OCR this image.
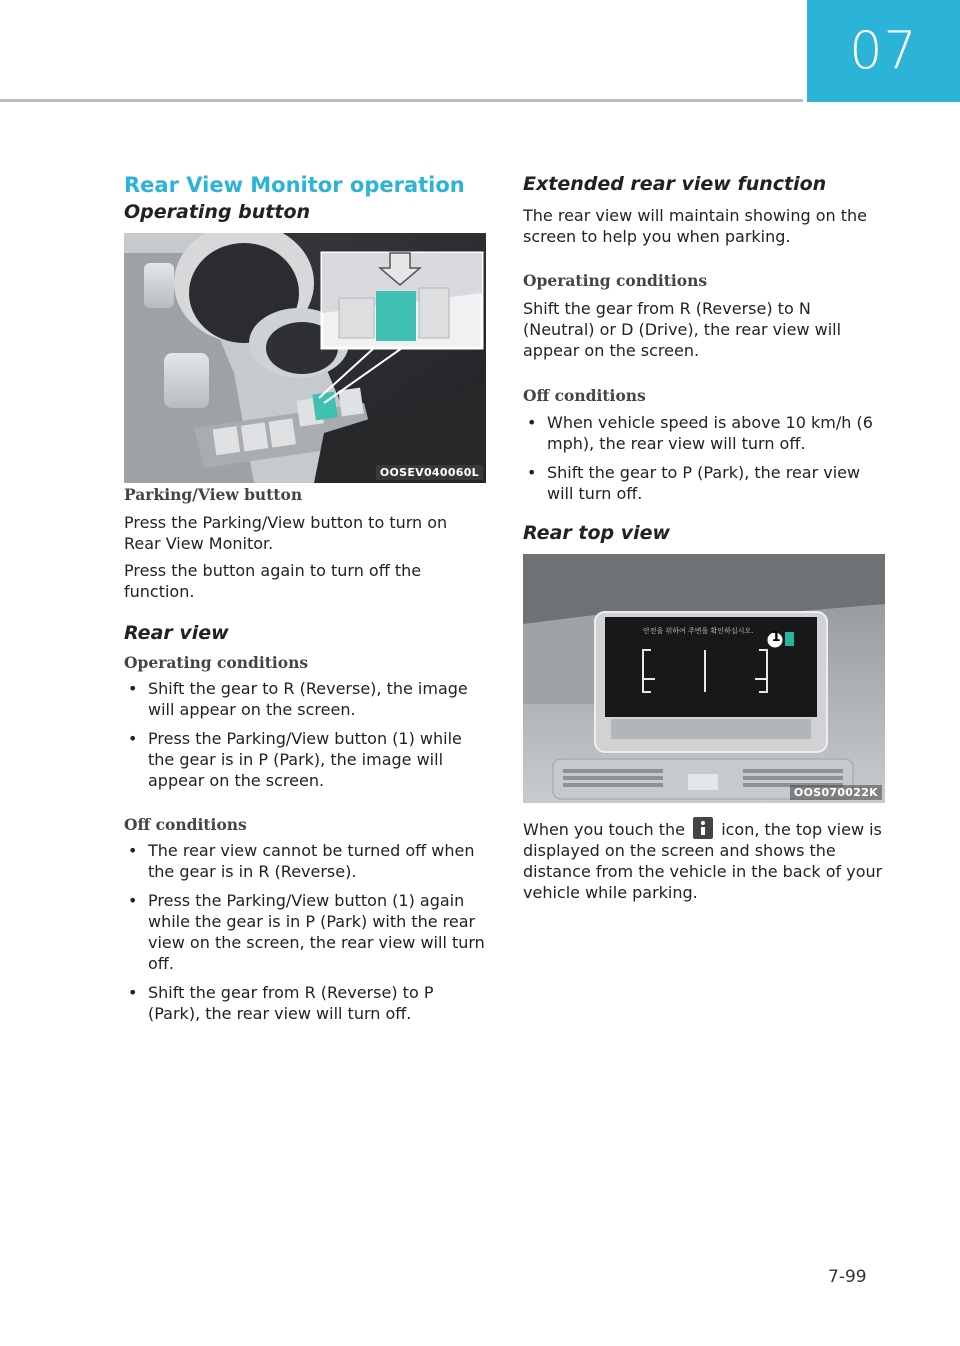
07
Rear View Monitor operation
Operating button
OOSEV040060L
Parking/View button

Press the Parking/View button to turn on Rear View Monitor.

Press the button again to turn off the function.

Rear view
Operating conditions
• Shift the gear to R (Reverse), the image will appear on the screen.
• Press the Parking/View button (1) while the gear is in P (Park), the image will appear on the screen.
Off conditions
• The rear view cannot be turned off when the gear is in R (Reverse).
• Press the Parking/View button (1) again while the gear is in P (Park) with the rear view on the screen, the rear view will turn off.
• Shift the gear from R (Reverse) to P (Park), the rear view will turn off.
Extended rear view function

The rear view will maintain showing on the screen to help you when parking.

Operating conditions

Shift the gear from R (Reverse) to N (Neutral) or D (Drive), the rear view will appear on the screen.

Off conditions
• When vehicle speed is above 10 km/h (6 mph), the rear view will turn off.
• Shift the gear to P (Park), the rear view will turn off.
Rear top view
안전을 위하여 주변을 확인하십시오. 1
OOS070022K

When you touch the icon, the top view is displayed on the screen and shows the distance from the vehicle in the back of your vehicle while parking.

7-99
